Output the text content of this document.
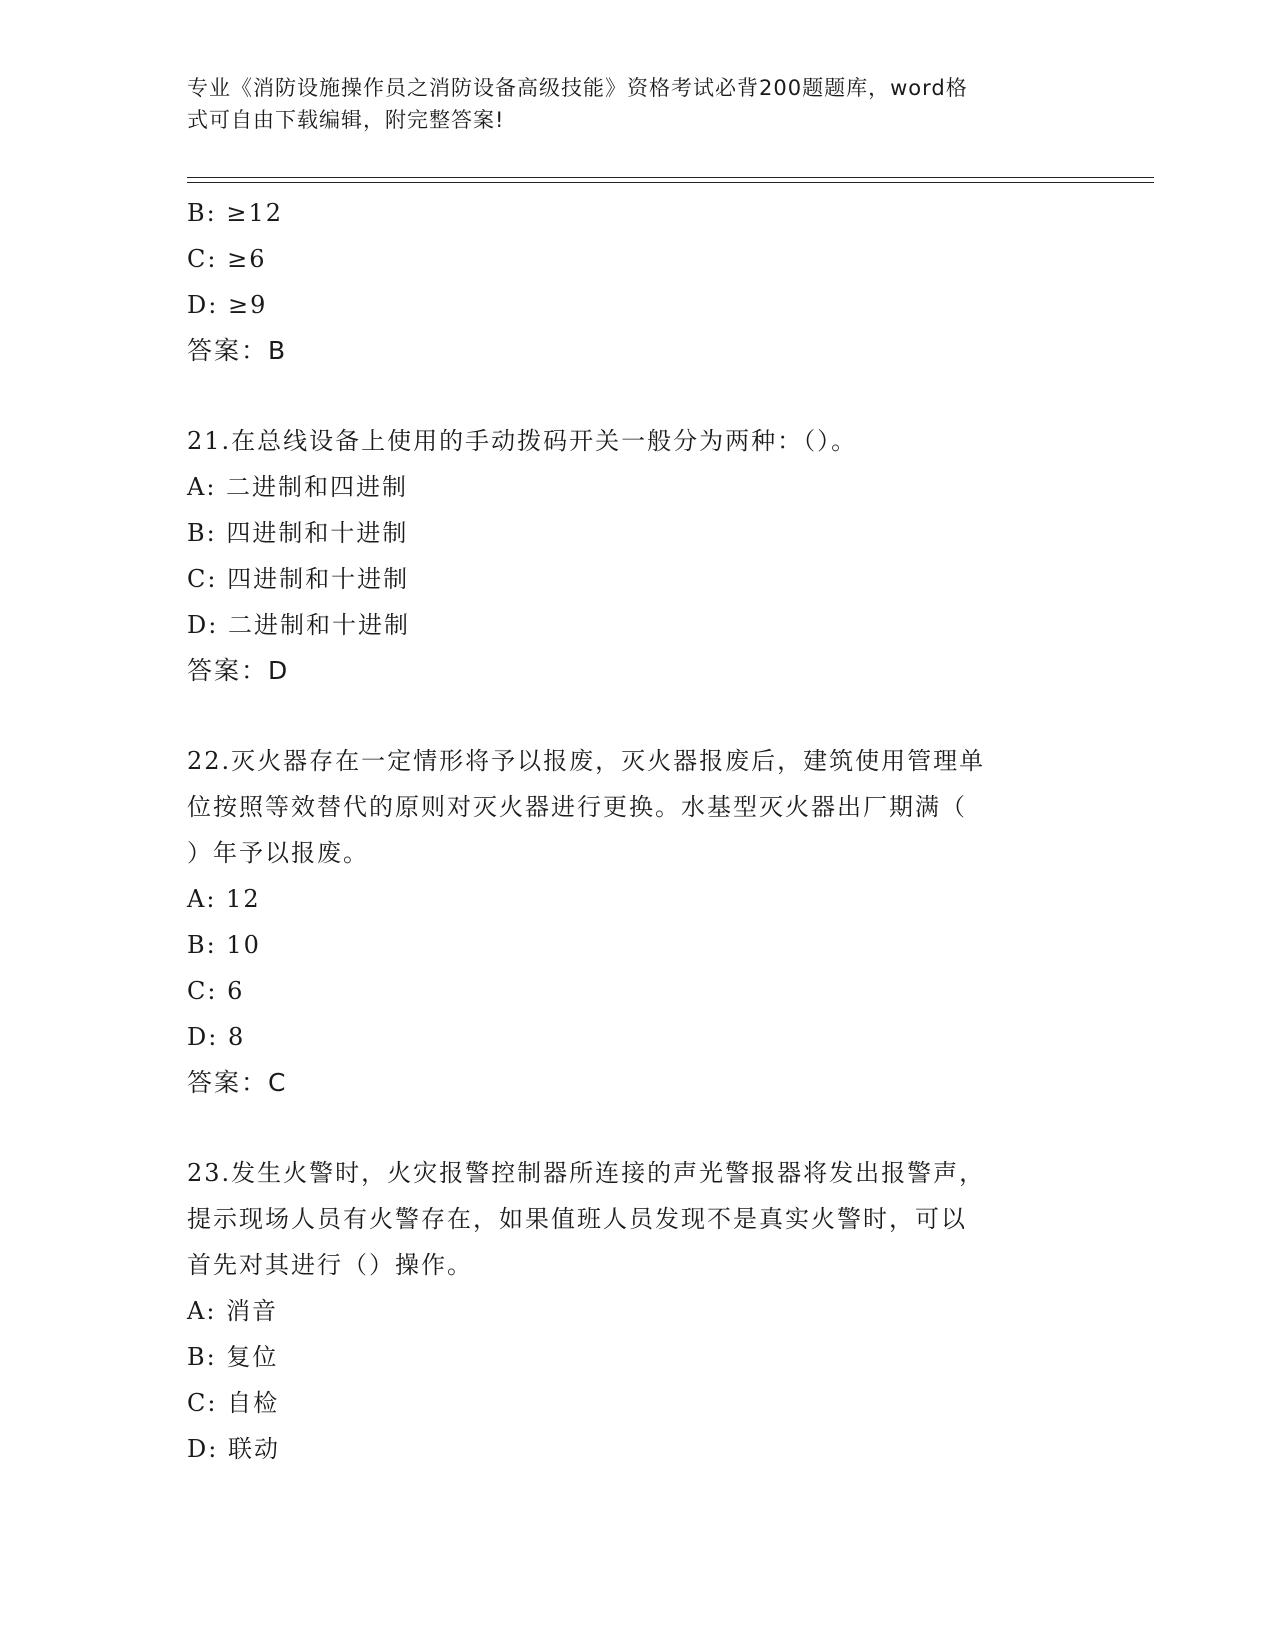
专业《消防设施操作员之消防设备高级技能》资格考试必背200题题库，word格
式可自由下载编辑，附完整答案!
B: ≥12
C: ≥6
D: ≥9
答案：B
21.在总线设备上使用的手动拨码开关一般分为两种：（）。
A: 二进制和四进制
B: 四进制和十进制
C: 四进制和十进制
D: 二进制和十进制
答案：D
22.灭火器存在一定情形将予以报废，灭火器报废后，建筑使用管理单
位按照等效替代的原则对灭火器进行更换。水基型灭火器出厂期满（
）年予以报废。
A: 12
B: 10
C: 6
D: 8
答案：C
23.发生火警时，火灾报警控制器所连接的声光警报器将发出报警声，
提示现场人员有火警存在，如果值班人员发现不是真实火警时，可以
首先对其进行（）操作。
A: 消音
B: 复位
C: 自检
D: 联动
